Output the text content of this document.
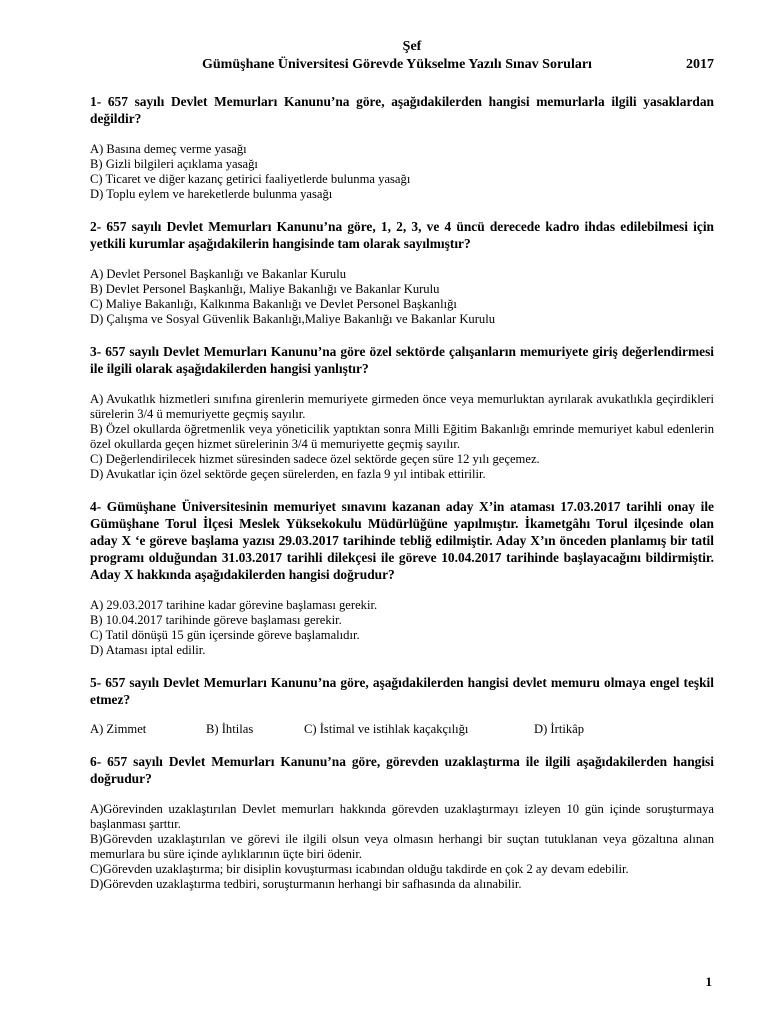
Şef
Gümüşhane Üniversitesi Görevde Yükselme Yazılı Sınav Soruları	2017

1- 657 sayılı Devlet Memurları Kanunu’na göre, aşağıdakilerden hangisi memurlarla ilgili yasaklardan değildir?

A) Basına demeç verme yasağı

B) Gizli bilgileri açıklama yasağı

C) Ticaret ve diğer kazanç getirici faaliyetlerde bulunma yasağı

D) Toplu eylem ve hareketlerde bulunma yasağı

2- 657 sayılı Devlet Memurları Kanunu’na göre, 1, 2, 3, ve 4 üncü derecede kadro ihdas edilebilmesi için yetkili kurumlar aşağıdakilerin hangisinde tam olarak sayılmıştır?

A) Devlet Personel Başkanlığı ve Bakanlar Kurulu

B) Devlet Personel Başkanlığı, Maliye Bakanlığı ve Bakanlar Kurulu

C) Maliye Bakanlığı, Kalkınma Bakanlığı ve Devlet Personel Başkanlığı

D) Çalışma ve Sosyal Güvenlik Bakanlığı,Maliye Bakanlığı ve Bakanlar Kurulu

3- 657 sayılı Devlet Memurları Kanunu’na göre özel sektörde çalışanların memuriyete giriş değerlendirmesi ile ilgili olarak aşağıdakilerden hangisi yanlıştır?

A) Avukatlık hizmetleri sınıfına girenlerin memuriyete girmeden önce veya memurluktan ayrılarak avukatlıkla geçirdikleri sürelerin 3/4 ü memuriyette geçmiş sayılır.

B) Özel okullarda öğretmenlik veya yöneticilik yaptıktan sonra Milli Eğitim Bakanlığı emrinde memuriyet kabul edenlerin özel okullarda geçen hizmet sürelerinin 3/4 ü memuriyette geçmiş sayılır.

C) Değerlendirilecek hizmet süresinden sadece özel sektörde geçen süre 12 yılı geçemez.

D) Avukatlar için özel sektörde geçen sürelerden, en fazla 9 yıl intibak ettirilir.

4- Gümüşhane Üniversitesinin memuriyet sınavını kazanan aday X’in ataması 17.03.2017 tarihli onay ile Gümüşhane Torul İlçesi Meslek Yüksekokulu Müdürlüğüne yapılmıştır. İkametgâhı Torul ilçesinde olan aday X ‘e göreve başlama yazısı 29.03.2017 tarihinde tebliğ edilmiştir. Aday X’ın önceden planlamış bir tatil programı olduğundan 31.03.2017 tarihli dilekçesi ile göreve 10.04.2017 tarihinde başlayacağını bildirmiştir. Aday X hakkında aşağıdakilerden hangisi doğrudur?

A) 29.03.2017 tarihine kadar görevine başlaması gerekir.

B) 10.04.2017 tarihinde göreve başlaması gerekir.

C) Tatil dönüşü 15 gün içersinde göreve başlamalıdır.

D) Ataması iptal edilir.

5- 657 sayılı Devlet Memurları Kanunu’na göre, aşağıdakilerden hangisi devlet memuru olmaya engel teşkil etmez?

A) Zimmet	B) İhtilas	C) İstimal ve istihlak kaçakçılığı	D) İrtikâp

6- 657 sayılı Devlet Memurları Kanunu’na göre, görevden uzaklaştırma ile ilgili aşağıdakilerden hangisi doğrudur?

A)Görevinden uzaklaştırılan Devlet memurları hakkında görevden uzaklaştırmayı izleyen 10 gün içinde soruşturmaya başlanması şarttır.

B)Görevden uzaklaştırılan ve görevi ile ilgili olsun veya olmasın herhangi bir suçtan tutuklanan veya gözaltına alınan memurlara bu süre içinde aylıklarının üçte biri ödenir.

C)Görevden uzaklaştırma; bir disiplin kovuşturması icabından olduğu takdirde en çok 2 ay devam edebilir.

D)Görevden uzaklaştırma tedbiri, soruşturmanın herhangi bir safhasında da alınabilir.

1
